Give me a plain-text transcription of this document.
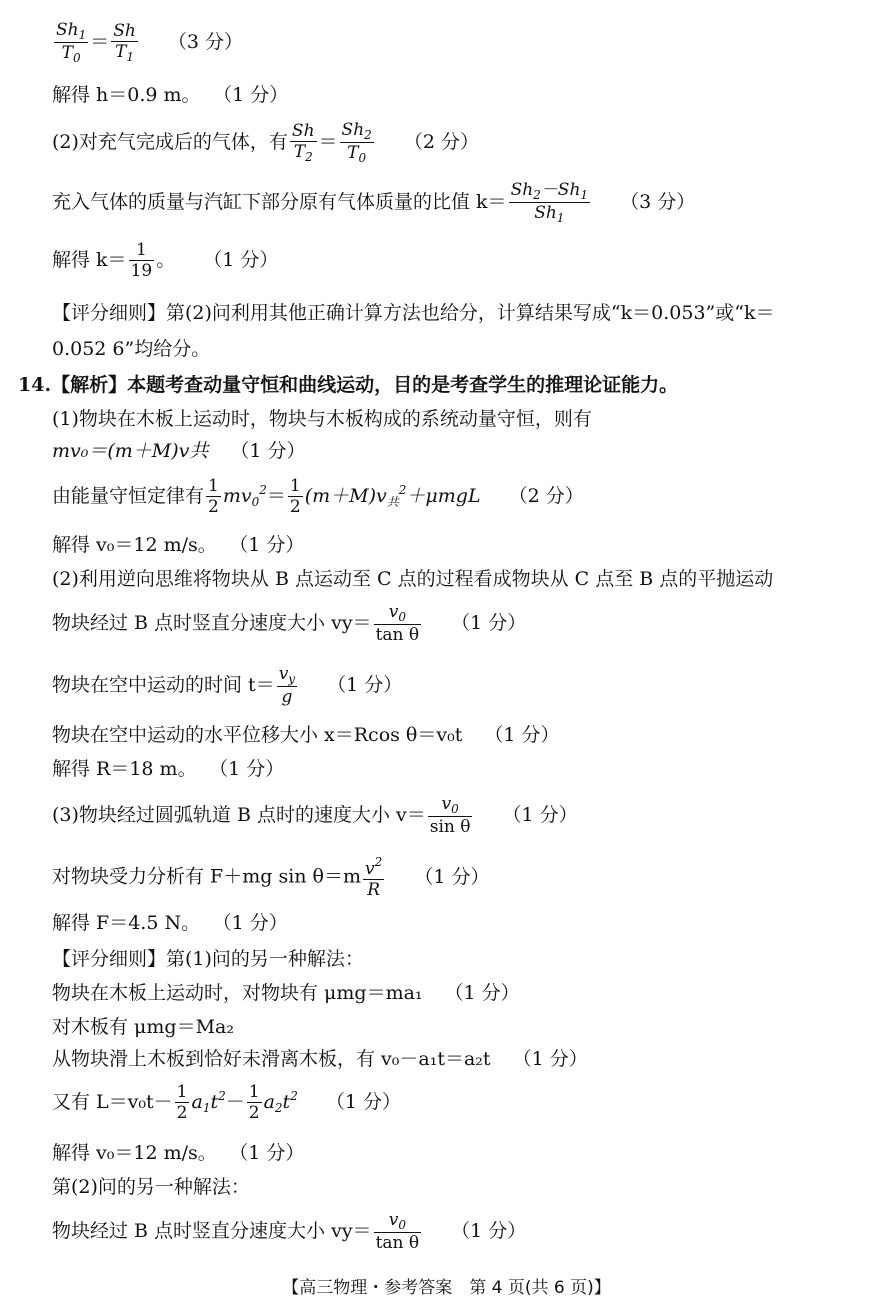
$\frac{Sh_1}{T_0} = \frac{Sh}{T_1} (3$ 分）
解得 h＝0.9 m。 （1 分）
(2)对充气完成后的气体，有 $\frac{Sh}{T_2} = \frac{Sh_2}{T_0} (2$ 分）
充入气体的质量与汽缸下部分原有气体质量的比值 $k= \frac{Sh_2-Sh_1}{Sh_1} (3$ 分）
解得 $k= \frac{1}{19}$ 。 （1 分）
【评分细则】第(2)问利用其他正确计算方法也给分，计算结果写成“k＝0.053”或“k＝
0.052 6”均给分。
14.【解析】本题考查动量守恒和曲线运动，目的是考查学生的推理论证能力。
(1)物块在木板上运动时，物块与木板构成的系统动量守恒，则有
mv₀＝(m＋M)v共 （1 分）
由能量守恒定律有 $\frac{1}{2} mv_0^2= \frac{1}{2} (m+M)v_共^2+\mu mgL$ （2 分）
解得 v₀＝12 m/s。 （1 分）
(2)利用逆向思维将物块从 B 点运动至 C 点的过程看成物块从 C 点至 B 点的平抛运动
物块经过 B 点时竖直分速度大小 $vy= \frac{v_0}{\text{tan θ}} (1$ 分）
物块在空中运动的时间 $t= \frac{v_y}{g} (1$ 分）
物块在空中运动的水平位移大小 x＝Rcos θ＝v₀t （1 分）
解得 R＝18 m。 （1 分）
(3)物块经过圆弧轨道 B 点时的速度大小 $v= \frac{v_0}{\text{sin θ}} (1$ 分）
对物块受力分析有 F＋mg $\sin \theta=m \frac{v^2}{R} (1$ 分）
解得 F＝4.5 N。 （1 分）
【评分细则】第(1)问的另一种解法：
物块在木板上运动时，对物块有 μmg＝ma₁ （1 分）
对木板有 μmg＝Ma₂
从物块滑上木板到恰好未滑离木板，有 v₀－a₁t＝a₂t （1 分）
又有 $L=v_0t- \frac{1}{2} a_1t^2- \frac{1}{2} a_2t^2$ （1 分）
解得 v₀＝12 m/s。 （1 分）
第(2)问的另一种解法：
物块经过 B 点时竖直分速度大小 $vy= \frac{v_0}{\text{tan θ}} (1$ 分）
【高三物理・参考答案　第 4 页(共 6 页)】
